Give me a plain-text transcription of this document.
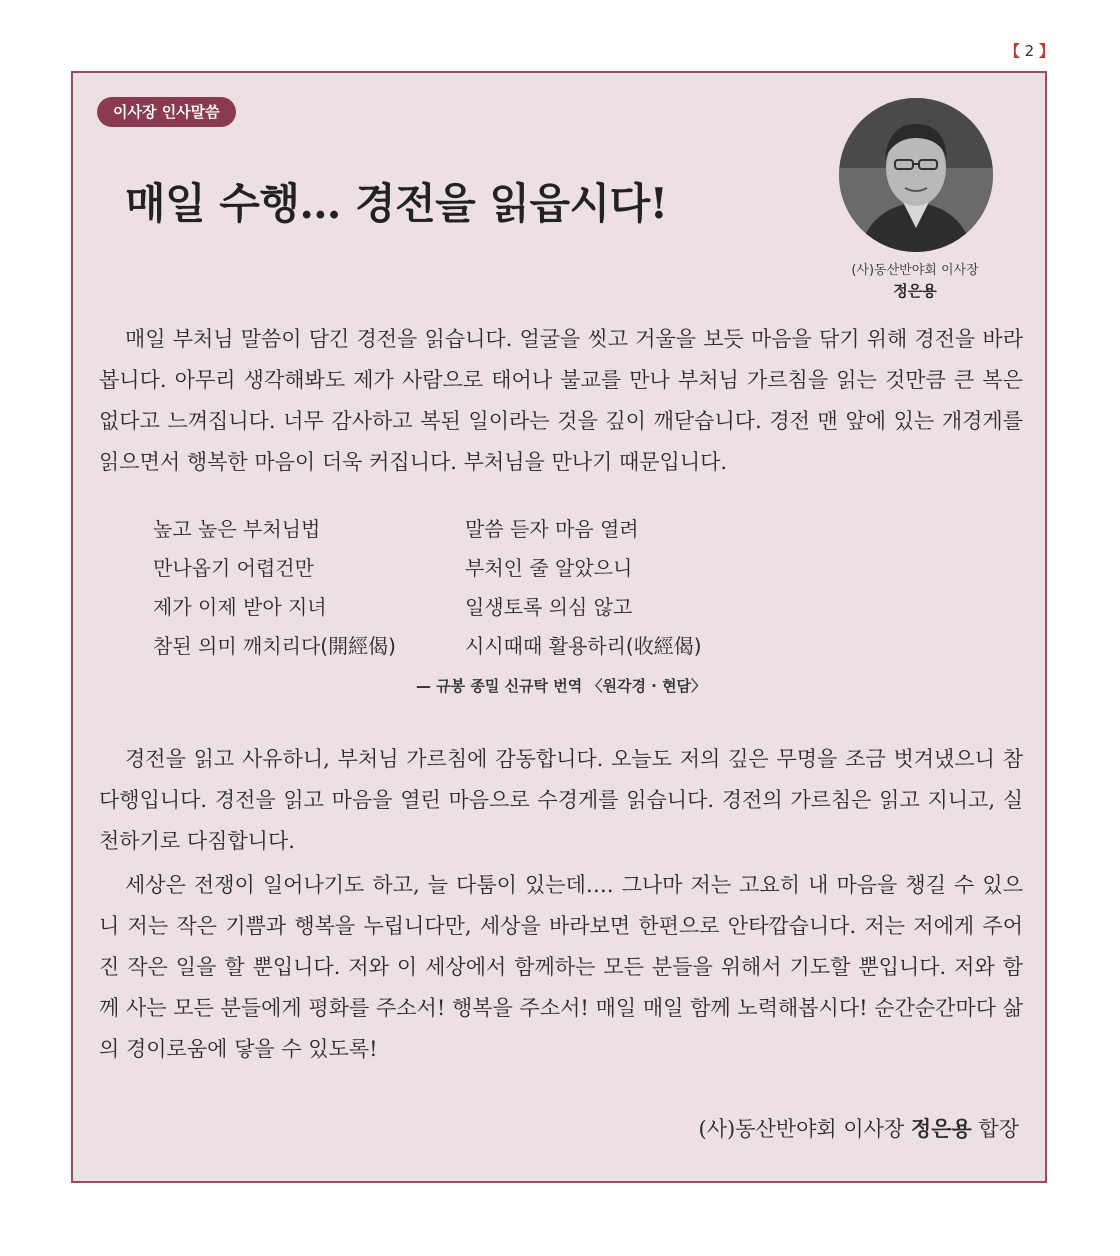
【 2 】
이사장 인사말씀
매일 수행… 경전을 읽읍시다!
(사)동산반야회 이사장
정은용

매일 부처님 말씀이 담긴 경전을 읽습니다. 얼굴을 씻고 거울을 보듯 마음을 닦기 위해 경전을 바라봅니다. 아무리 생각해봐도 제가 사람으로 태어나 불교를 만나 부처님 가르침을 읽는 것만큼 큰 복은 없다고 느껴집니다. 너무 감사하고 복된 일이라는 것을 깊이 깨닫습니다. 경전 맨 앞에 있는 개경게를 읽으면서 행복한 마음이 더욱 커집니다. 부처님을 만나기 때문입니다.

높고 높은 부처님법	말씀 듣자 마음 열려
만나옵기 어렵건만	부처인 줄 알았으니
제가 이제 받아 지녀	일생토록 의심 않고
참된 의미 깨치리다(開經偈)	시시때때 활용하리(收經偈)
— 규봉 종밀 신규탁 번역 〈원각경 · 현담〉

경전을 읽고 사유하니, 부처님 가르침에 감동합니다. 오늘도 저의 깊은 무명을 조금 벗겨냈으니 참 다행입니다. 경전을 읽고 마음을 열린 마음으로 수경게를 읽습니다. 경전의 가르침은 읽고 지니고, 실천하기로 다짐합니다.

세상은 전쟁이 일어나기도 하고, 늘 다툼이 있는데…. 그나마 저는 고요히 내 마음을 챙길 수 있으니 저는 작은 기쁨과 행복을 누립니다만, 세상을 바라보면 한편으로 안타깝습니다. 저는 저에게 주어진 작은 일을 할 뿐입니다. 저와 이 세상에서 함께하는 모든 분들을 위해서 기도할 뿐입니다. 저와 함께 사는 모든 분들에게 평화를 주소서! 행복을 주소서! 매일 매일 함께 노력해봅시다! 순간순간마다 삶의 경이로움에 닿을 수 있도록!

(사)동산반야회 이사장 정은용 합장
